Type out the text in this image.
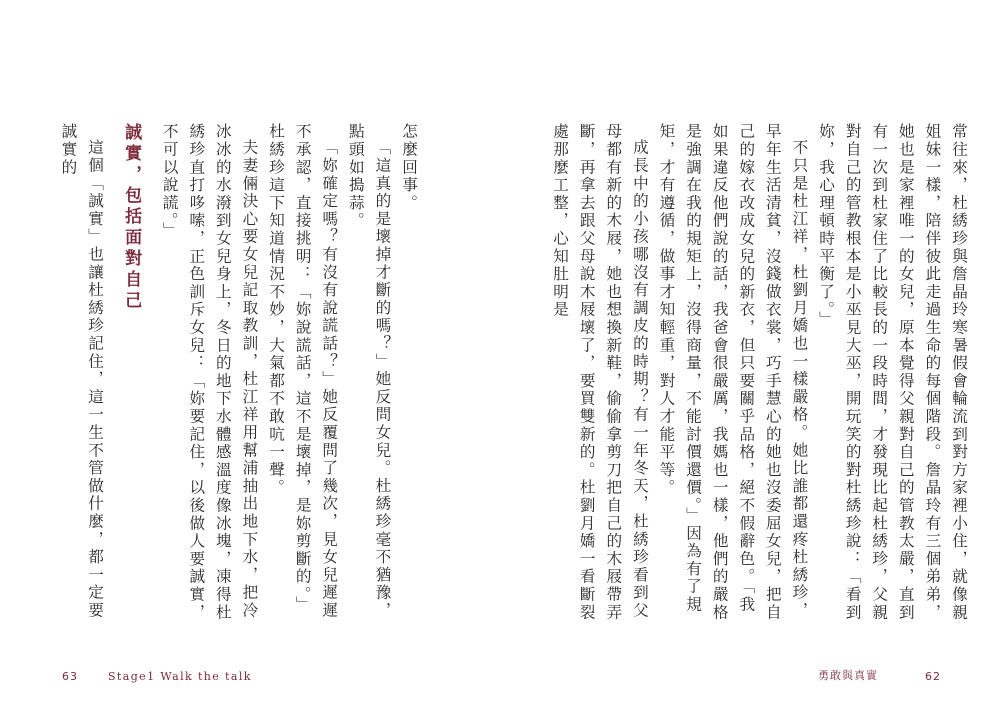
常往來，杜綉珍與詹晶玲寒暑假會輪流到對方家裡小住，就像親姐妹一樣，陪伴彼此走過生命的每個階段。詹晶玲有三個弟弟，她也是家裡唯一的女兒，原本覺得父親對自己的管教太嚴，直到有一次到杜家住了比較長的一段時間，才發現比起杜綉珍，父親對自己的管教根本是小巫見大巫，開玩笑的對杜綉珍說：「看到妳，我心理頓時平衡了。」

不只是杜江祥，杜劉月嬌也一樣嚴格。她比誰都還疼杜綉珍，早年生活清貧，沒錢做衣裳，巧手慧心的她也沒委屈女兒，把自己的嫁衣改成女兒的新衣，但只要關乎品格，絕不假辭色。「我如果違反他們說的話，我爸會很嚴厲，我媽也一樣，他們的嚴格是強調在我的規矩上，沒得商量，不能討價還價。」因為有了規矩，才有遵循，做事才知輕重，對人才能平等。

成長中的小孩哪沒有調皮的時期？有一年冬天，杜綉珍看到父母都有新的木屐，她也想換新鞋，偷偷拿剪刀把自己的木屐帶弄斷，再拿去跟父母說木屐壞了，要買雙新的。杜劉月嬌一看斷裂處那麼工整，心知肚明是

怎麼回事。

「這真的是壞掉才斷的嗎？」她反問女兒。杜綉珍毫不猶豫，點頭如搗蒜。

「妳確定嗎？有沒有說謊話？」她反覆問了幾次，見女兒遲遲不承認，直接挑明：「妳說謊話，這不是壞掉，是妳剪斷的。」杜綉珍這下知道情況不妙，大氣都不敢吭一聲。

夫妻倆決心要女兒記取教訓，杜江祥用幫浦抽出地下水，把冷冰冰的水潑到女兒身上，冬日的地下水體感溫度像冰塊，凍得杜綉珍直打哆嗦，正色訓斥女兒：「妳要記住，以後做人要誠實，不可以說謊。」

誠實，包括面對自己

這個「誠實」也讓杜綉珍記住，這一生不管做什麼，都一定要誠實的

63	Stage1 Walk the talk	勇敢與真實	62
